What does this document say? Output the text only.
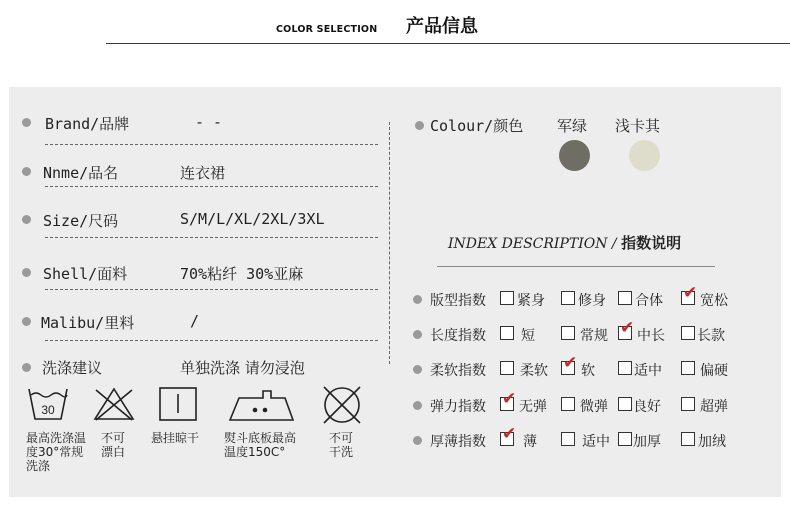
COLOR SELECTION 产品信息
Brand/品牌	- -
Nnme/品名	连衣裙
Size/尺码	S/M/L/XL/2XL/3XL
Shell/面料	70%粘纤 30%亚麻
Malibu/里料	/
洗涤建议	单独洗涤 请勿浸泡
30
最高洗涤温度30°常规洗涤
不可漂白
悬挂晾干	熨斗底板最高温度150C°
不可干洗
Colour/颜色 军绿 浅卡其
INDEX DESCRIPTION / 指数说明
版型指数 紧身 修身 合体 ✔ 宽松
长度指数	短	常规 ✔ 中长 长款
柔软指数 柔软 ✔ 软	适中	偏硬
弹力指数 ✔ 无弹 微弹 良好	超弹
厚薄指数 ✔ 薄	适中 加厚	加绒
